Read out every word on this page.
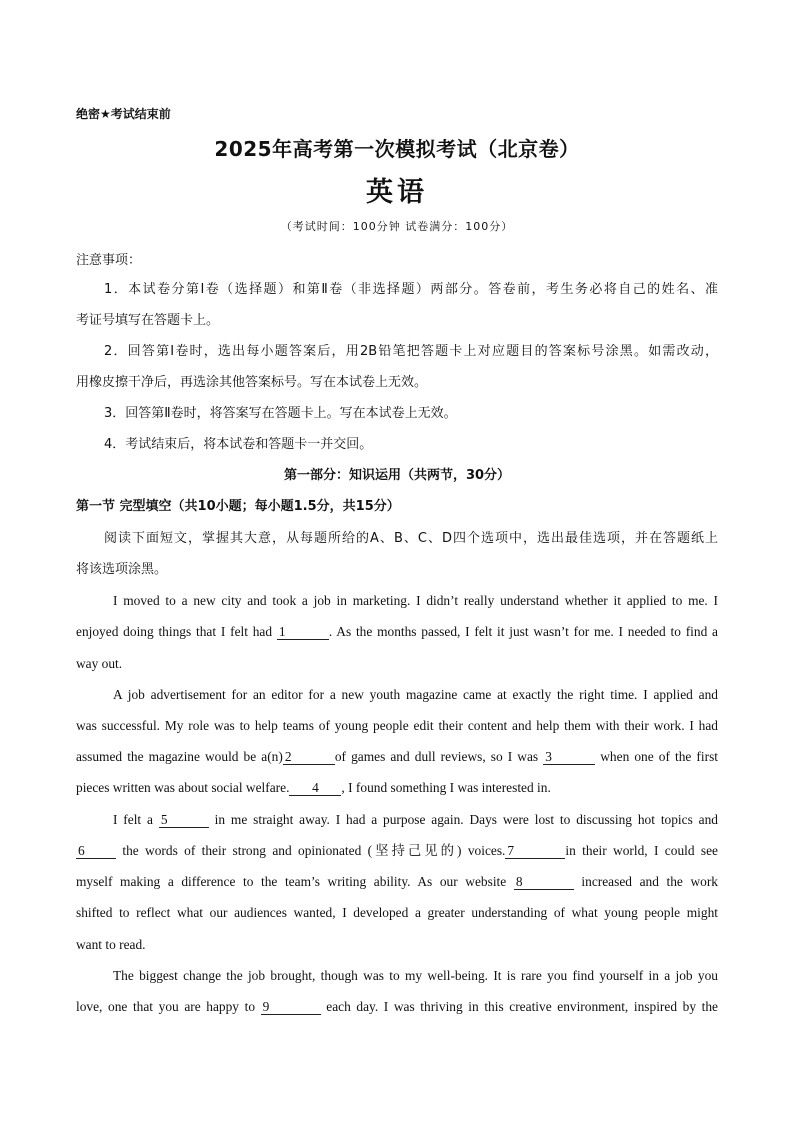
绝密★考试结束前
2025年高考第一次模拟考试（北京卷）
英语
（考试时间：100分钟 试卷满分：100分）
注意事项：
1．本试卷分第Ⅰ卷（选择题）和第Ⅱ卷（非选择题）两部分。答卷前，考生务必将自己的姓名、准
考证号填写在答题卡上。
2．回答第Ⅰ卷时，选出每小题答案后，用2B铅笔把答题卡上对应题目的答案标号涂黑。如需改动，
用橡皮擦干净后，再选涂其他答案标号。写在本试卷上无效。
3．回答第Ⅱ卷时，将答案写在答题卡上。写在本试卷上无效。
4．考试结束后，将本试卷和答题卡一并交回。
第一部分：知识运用（共两节，30分）
第一节 完型填空（共10小题；每小题1.5分，共15分）
阅读下面短文，掌握其大意，从每题所给的A、B、C、D四个选项中，选出最佳选项，并在答题纸上
将该选项涂黑。
I moved to a new city and took a job in marketing. I didn’t really understand whether it applied to me. I
enjoyed doing things that I felt had 1	. As the months passed, I felt it just wasn’t for me. I needed to find a
way out.
A job advertisement for an editor for a new youth magazine came at exactly the right time. I applied and
was successful. My role was to help teams of young people edit their content and help them with their work. I had
assumed the magazine would be a(n) 2	of games and dull reviews, so I was 3	when one of the first
pieces written was about social welfare. 4 , I found something I was interested in.
I felt a 5	in me straight away. I had a purpose again. Days were lost to discussing hot topics and
6 the words of their strong and opinionated (坚持己见的) voices. 7	in their world, I could see
myself making a difference to the team’s writing ability. As our website 8	increased and the work
shifted to reflect what our audiences wanted, I developed a greater understanding of what young people might
want to read.
The biggest change the job brought, though was to my well-being. It is rare you find yourself in a job you
love, one that you are happy to 9	each day. I was thriving in this creative environment, inspired by the
